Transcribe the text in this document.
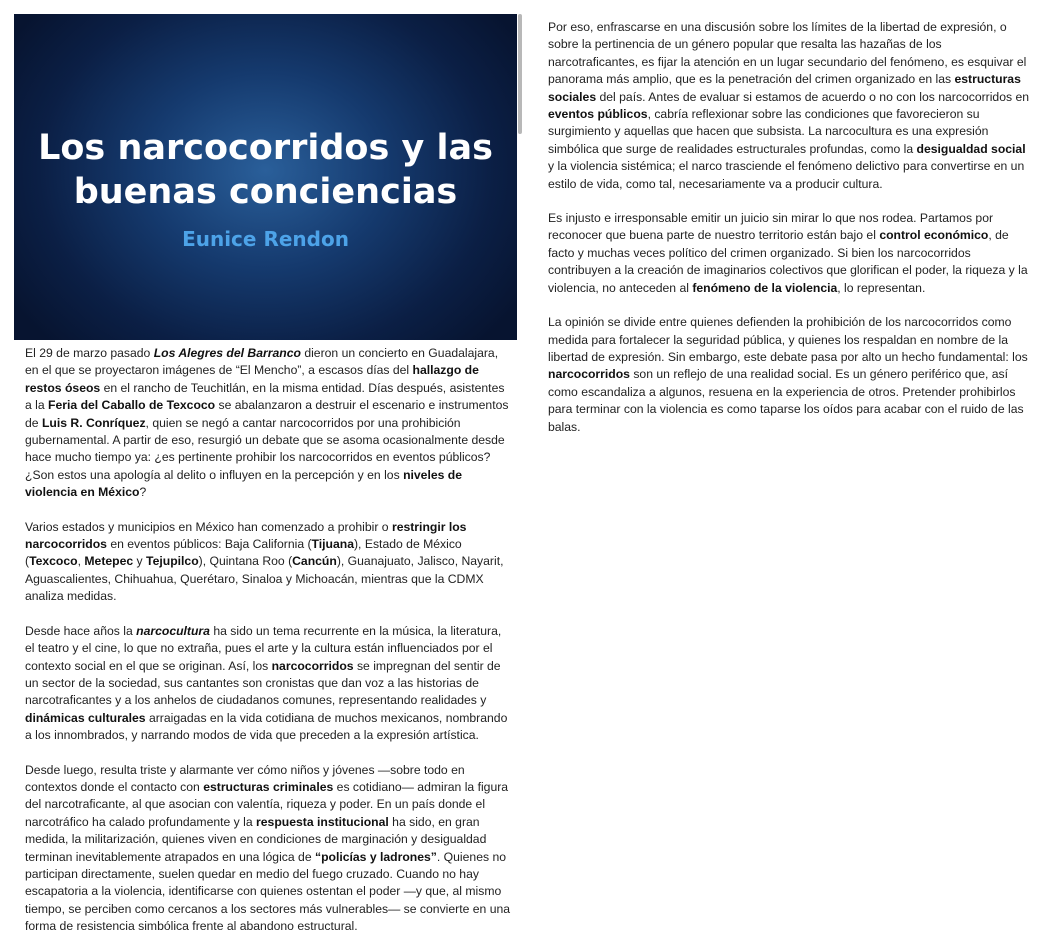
Los narcocorridos y las buenas conciencias
Eunice Rendon

El 29 de marzo pasado Los Alegres del Barranco dieron un concierto en Guadalajara, en el que se proyectaron imágenes de “El Mencho”, a escasos días del hallazgo de restos óseos en el rancho de Teuchitlán, en la misma entidad. Días después, asistentes a la Feria del Caballo de Texcoco se abalanzaron a destruir el escenario e instrumentos de Luis R. Conríquez, quien se negó a cantar narcocorridos por una prohibición gubernamental. A partir de eso, resurgió un debate que se asoma ocasionalmente desde hace mucho tiempo ya: ¿es pertinente prohibir los narcocorridos en eventos públicos? ¿Son estos una apología al delito o influyen en la percepción y en los niveles de violencia en México?

Varios estados y municipios en México han comenzado a prohibir o restringir los narcocorridos en eventos públicos: Baja California (Tijuana), Estado de México (Texcoco, Metepec y Tejupilco), Quintana Roo (Cancún), Guanajuato, Jalisco, Nayarit, Aguascalientes, Chihuahua, Querétaro, Sinaloa y Michoacán, mientras que la CDMX analiza medidas.

Desde hace años la narcocultura ha sido un tema recurrente en la música, la literatura, el teatro y el cine, lo que no extraña, pues el arte y la cultura están influenciados por el contexto social en el que se originan. Así, los narcocorridos se impregnan del sentir de un sector de la sociedad, sus cantantes son cronistas que dan voz a las historias de narcotraficantes y a los anhelos de ciudadanos comunes, representando realidades y dinámicas culturales arraigadas en la vida cotidiana de muchos mexicanos, nombrando a los innombrados, y narrando modos de vida que preceden a la expresión artística.

Desde luego, resulta triste y alarmante ver cómo niños y jóvenes —sobre todo en contextos donde el contacto con estructuras criminales es cotidiano— admiran la figura del narcotraficante, al que asocian con valentía, riqueza y poder. En un país donde el narcotráfico ha calado profundamente y la respuesta institucional ha sido, en gran medida, la militarización, quienes viven en condiciones de marginación y desigualdad terminan inevitablemente atrapados en una lógica de “policías y ladrones”. Quienes no participan directamente, suelen quedar en medio del fuego cruzado. Cuando no hay escapatoria a la violencia, identificarse con quienes ostentan el poder —y que, al mismo tiempo, se perciben como cercanos a los sectores más vulnerables— se convierte en una forma de resistencia simbólica frente al abandono estructural.

Por eso, enfrascarse en una discusión sobre los límites de la libertad de expresión, o sobre la pertinencia de un género popular que resalta las hazañas de los narcotraficantes, es fijar la atención en un lugar secundario del fenómeno, es esquivar el panorama más amplio, que es la penetración del crimen organizado en las estructuras sociales del país. Antes de evaluar si estamos de acuerdo o no con los narcocorridos en eventos públicos, cabría reflexionar sobre las condiciones que favorecieron su surgimiento y aquellas que hacen que subsista. La narcocultura es una expresión simbólica que surge de realidades estructurales profundas, como la desigualdad social y la violencia sistémica; el narco trasciende el fenómeno delictivo para convertirse en un estilo de vida, como tal, necesariamente va a producir cultura.

Es injusto e irresponsable emitir un juicio sin mirar lo que nos rodea. Partamos por reconocer que buena parte de nuestro territorio están bajo el control económico, de facto y muchas veces político del crimen organizado. Si bien los narcocorridos contribuyen a la creación de imaginarios colectivos que glorifican el poder, la riqueza y la violencia, no anteceden al fenómeno de la violencia, lo representan.

La opinión se divide entre quienes defienden la prohibición de los narcocorridos como medida para fortalecer la seguridad pública, y quienes los respaldan en nombre de la libertad de expresión. Sin embargo, este debate pasa por alto un hecho fundamental: los narcocorridos son un reflejo de una realidad social. Es un género periférico que, así como escandaliza a algunos, resuena en la experiencia de otros. Pretender prohibirlos para terminar con la violencia es como taparse los oídos para acabar con el ruido de las balas.
